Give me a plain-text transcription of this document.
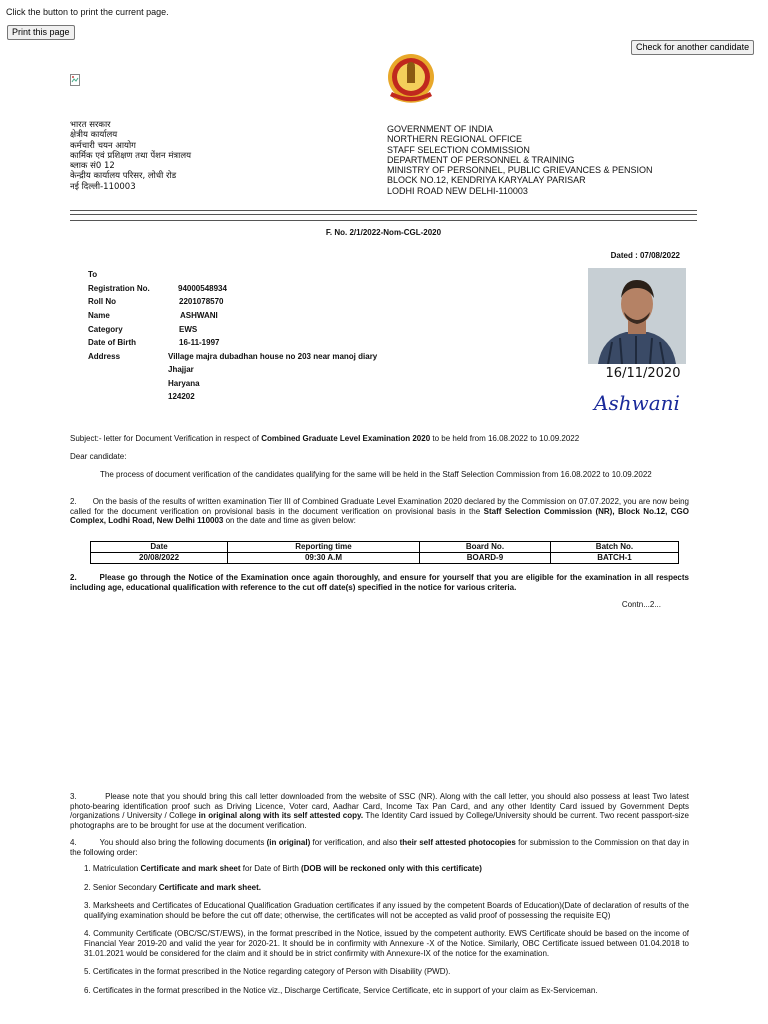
Click the button to print the current page.
Print this page
Check for another candidate
भारत सरकार
क्षेत्रीय कार्यालय
कर्मचारी चयन आयोग
कार्मिक एवं प्रशिक्षण तथा पेंशन मंत्रालय
ब्लाक सं0 12
केन्द्रीय कार्यालय परिसर, लोधी रोड
नई दिल्ली-110003
GOVERNMENT OF INDIA
NORTHERN REGIONAL OFFICE
STAFF SELECTION COMMISSION
DEPARTMENT OF PERSONNEL & TRAINING
MINISTRY OF PERSONNEL, PUBLIC GRIEVANCES & PENSION
BLOCK NO.12, KENDRIYA KARYALAY PARISAR
LODHI ROAD NEW DELHI-110003
F. No. 2/1/2022-Nom-CGL-2020
Dated : 07/08/2022
To
Registration No.	94000548934
Roll No	2201078570
Name	ASHWANI
Category	EWS
Date of Birth	16-11-1997
Address	Village majra dubadhan house no 203 near manoj diary
Jhajjar
Haryana
124202
16/11/2020
Ashwani
Subject:- letter for Document Verification in respect of Combined Graduate Level Examination 2020 to be held from 16.08.2022 to 10.09.2022
Dear candidate:
The process of document verification of the candidates qualifying for the same will be held in the Staff Selection Commission from 16.08.2022 to 10.09.2022
2. On the basis of the results of written examination Tier III of Combined Graduate Level Examination 2020 declared by the Commission on 07.07.2022, you are now being called for the document verification on provisional basis in the document verification on provisional basis in the Staff Selection Commission (NR), Block No.12, CGO Complex, Lodhi Road, New Delhi 110003 on the date and time as given below:
Date	Reporting time	Board No.	Batch No.
20/08/2022	09:30 A.M	BOARD-9	BATCH-1
2.	Please go through the Notice of the Examination once again thoroughly, and ensure for yourself that you are eligible for the examination in all respects including age, educational qualification with reference to the cut off date(s) specified in the notice for various criteria.
Contn...2...
3.	Please note that you should bring this call letter downloaded from the website of SSC (NR). Along with the call letter, you should also possess at least Two latest photo-bearing identification proof such as Driving Licence, Voter card, Aadhar Card, Income Tax Pan Card, and any other Identity Card issued by Government Depts /organizations / University / College in original along with its self attested copy. The Identity Card issued by College/University should be current. Two recent passport-size photographs are to be brought for use at the document verification.
4.	You should also bring the following documents (in original) for verification, and also their self attested photocopies for submission to the Commission on that day in the following order:
1. Matriculation Certificate and mark sheet for Date of Birth (DOB will be reckoned only with this certificate)
2. Senior Secondary Certificate and mark sheet.
3. Marksheets and Certificates of Educational Qualification Graduation certificates if any issued by the competent Boards of Education)(Date of declaration of results of the qualifying examination should be before the cut off date; otherwise, the certificates will not be accepted as valid proof of possessing the requisite EQ)
4. Community Certificate (OBC/SC/ST/EWS), in the format prescribed in the Notice, issued by the competent authority. EWS Certificate should be based on the income of Financial Year 2019-20 and valid the year for 2020-21. It should be in confirmity with Annexure -X of the Notice. Similarly, OBC Certificate issued between 01.04.2018 to 31.01.2021 would be considered for the claim and it should be in strict confirmity with Annexure-IX of the notice for the examination.
5. Certificates in the format prescribed in the Notice regarding category of Person with Disability (PWD).
6. Certificates in the format prescribed in the Notice viz., Discharge Certificate, Service Certificate, etc in support of your claim as Ex-Serviceman.
